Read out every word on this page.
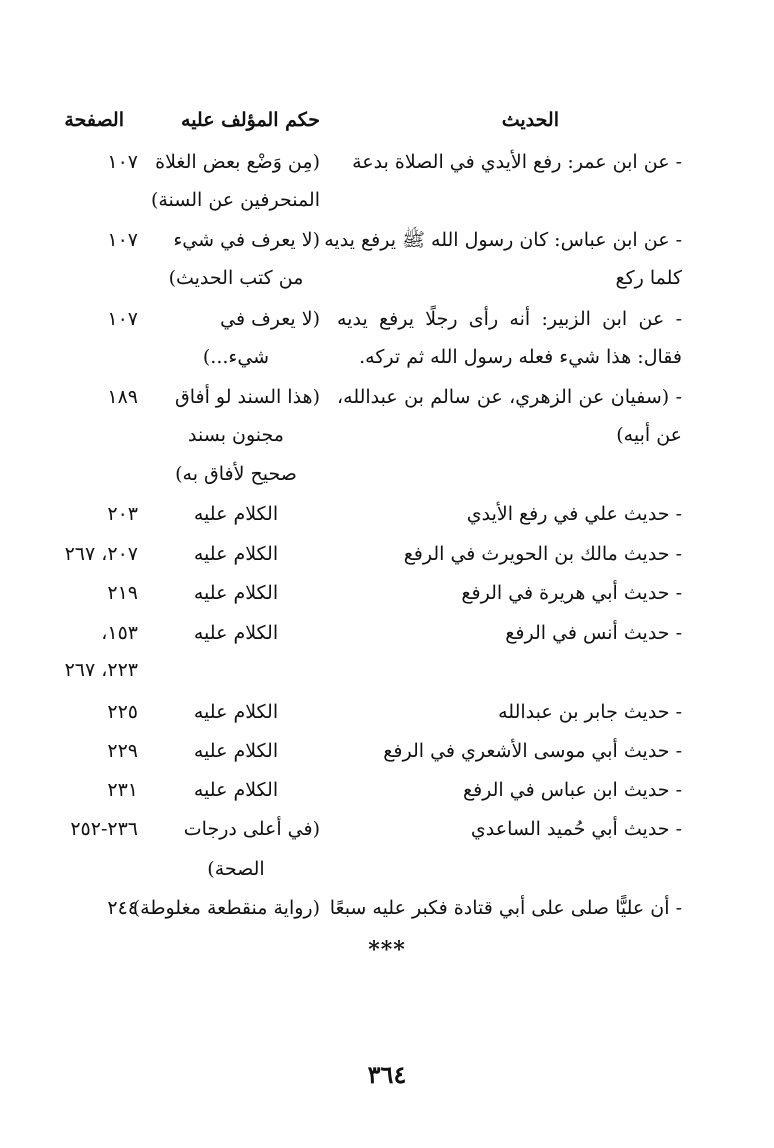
الحديث
حكم المؤلف عليه
الصفحة
- عن ابن عمر: رفع الأيدي في الصلاة بدعة
(مِن وَضْع بعض الغلاة
المنحرفين عن السنة)
١٠٧
- عن ابن عباس: كان رسول الله ﷺ يرفع يديه
كلما ركع
(لا يعرف في شيء
من كتب الحديث)
١٠٧
- عن ابن الزبير: أنه رأى رجلًا يرفع يديه
فقال: هذا شيء فعله رسول الله ثم تركه.
(لا يعرف في
شيء...)
١٠٧
- (سفيان عن الزهري، عن سالم بن عبدالله،
عن أبيه)
(هذا السند لو أفاق
مجنون بسند
صحيح لأفاق به)
١٨٩
- حديث علي في رفع الأيدي
الكلام عليه
٢٠٣
- حديث مالك بن الحويرث في الرفع
الكلام عليه
٢٠٧، ٢٦٧
- حديث أبي هريرة في الرفع
الكلام عليه
٢١٩
- حديث أنس في الرفع
الكلام عليه
١٥٣،
٢٢٣، ٢٦٧
- حديث جابر بن عبدالله
الكلام عليه
٢٢٥
- حديث أبي موسى الأشعري في الرفع
الكلام عليه
٢٢٩
- حديث ابن عباس في الرفع
الكلام عليه
٢٣١
- حديث أبي حُميد الساعدي
(في أعلى درجات
الصحة)
٢٣٦-٢٥٢
- أن عليًّا صلى على أبي قتادة فكبر عليه سبعًا
(رواية منقطعة مغلوطة)
٢٤٤
***
٣٦٤
